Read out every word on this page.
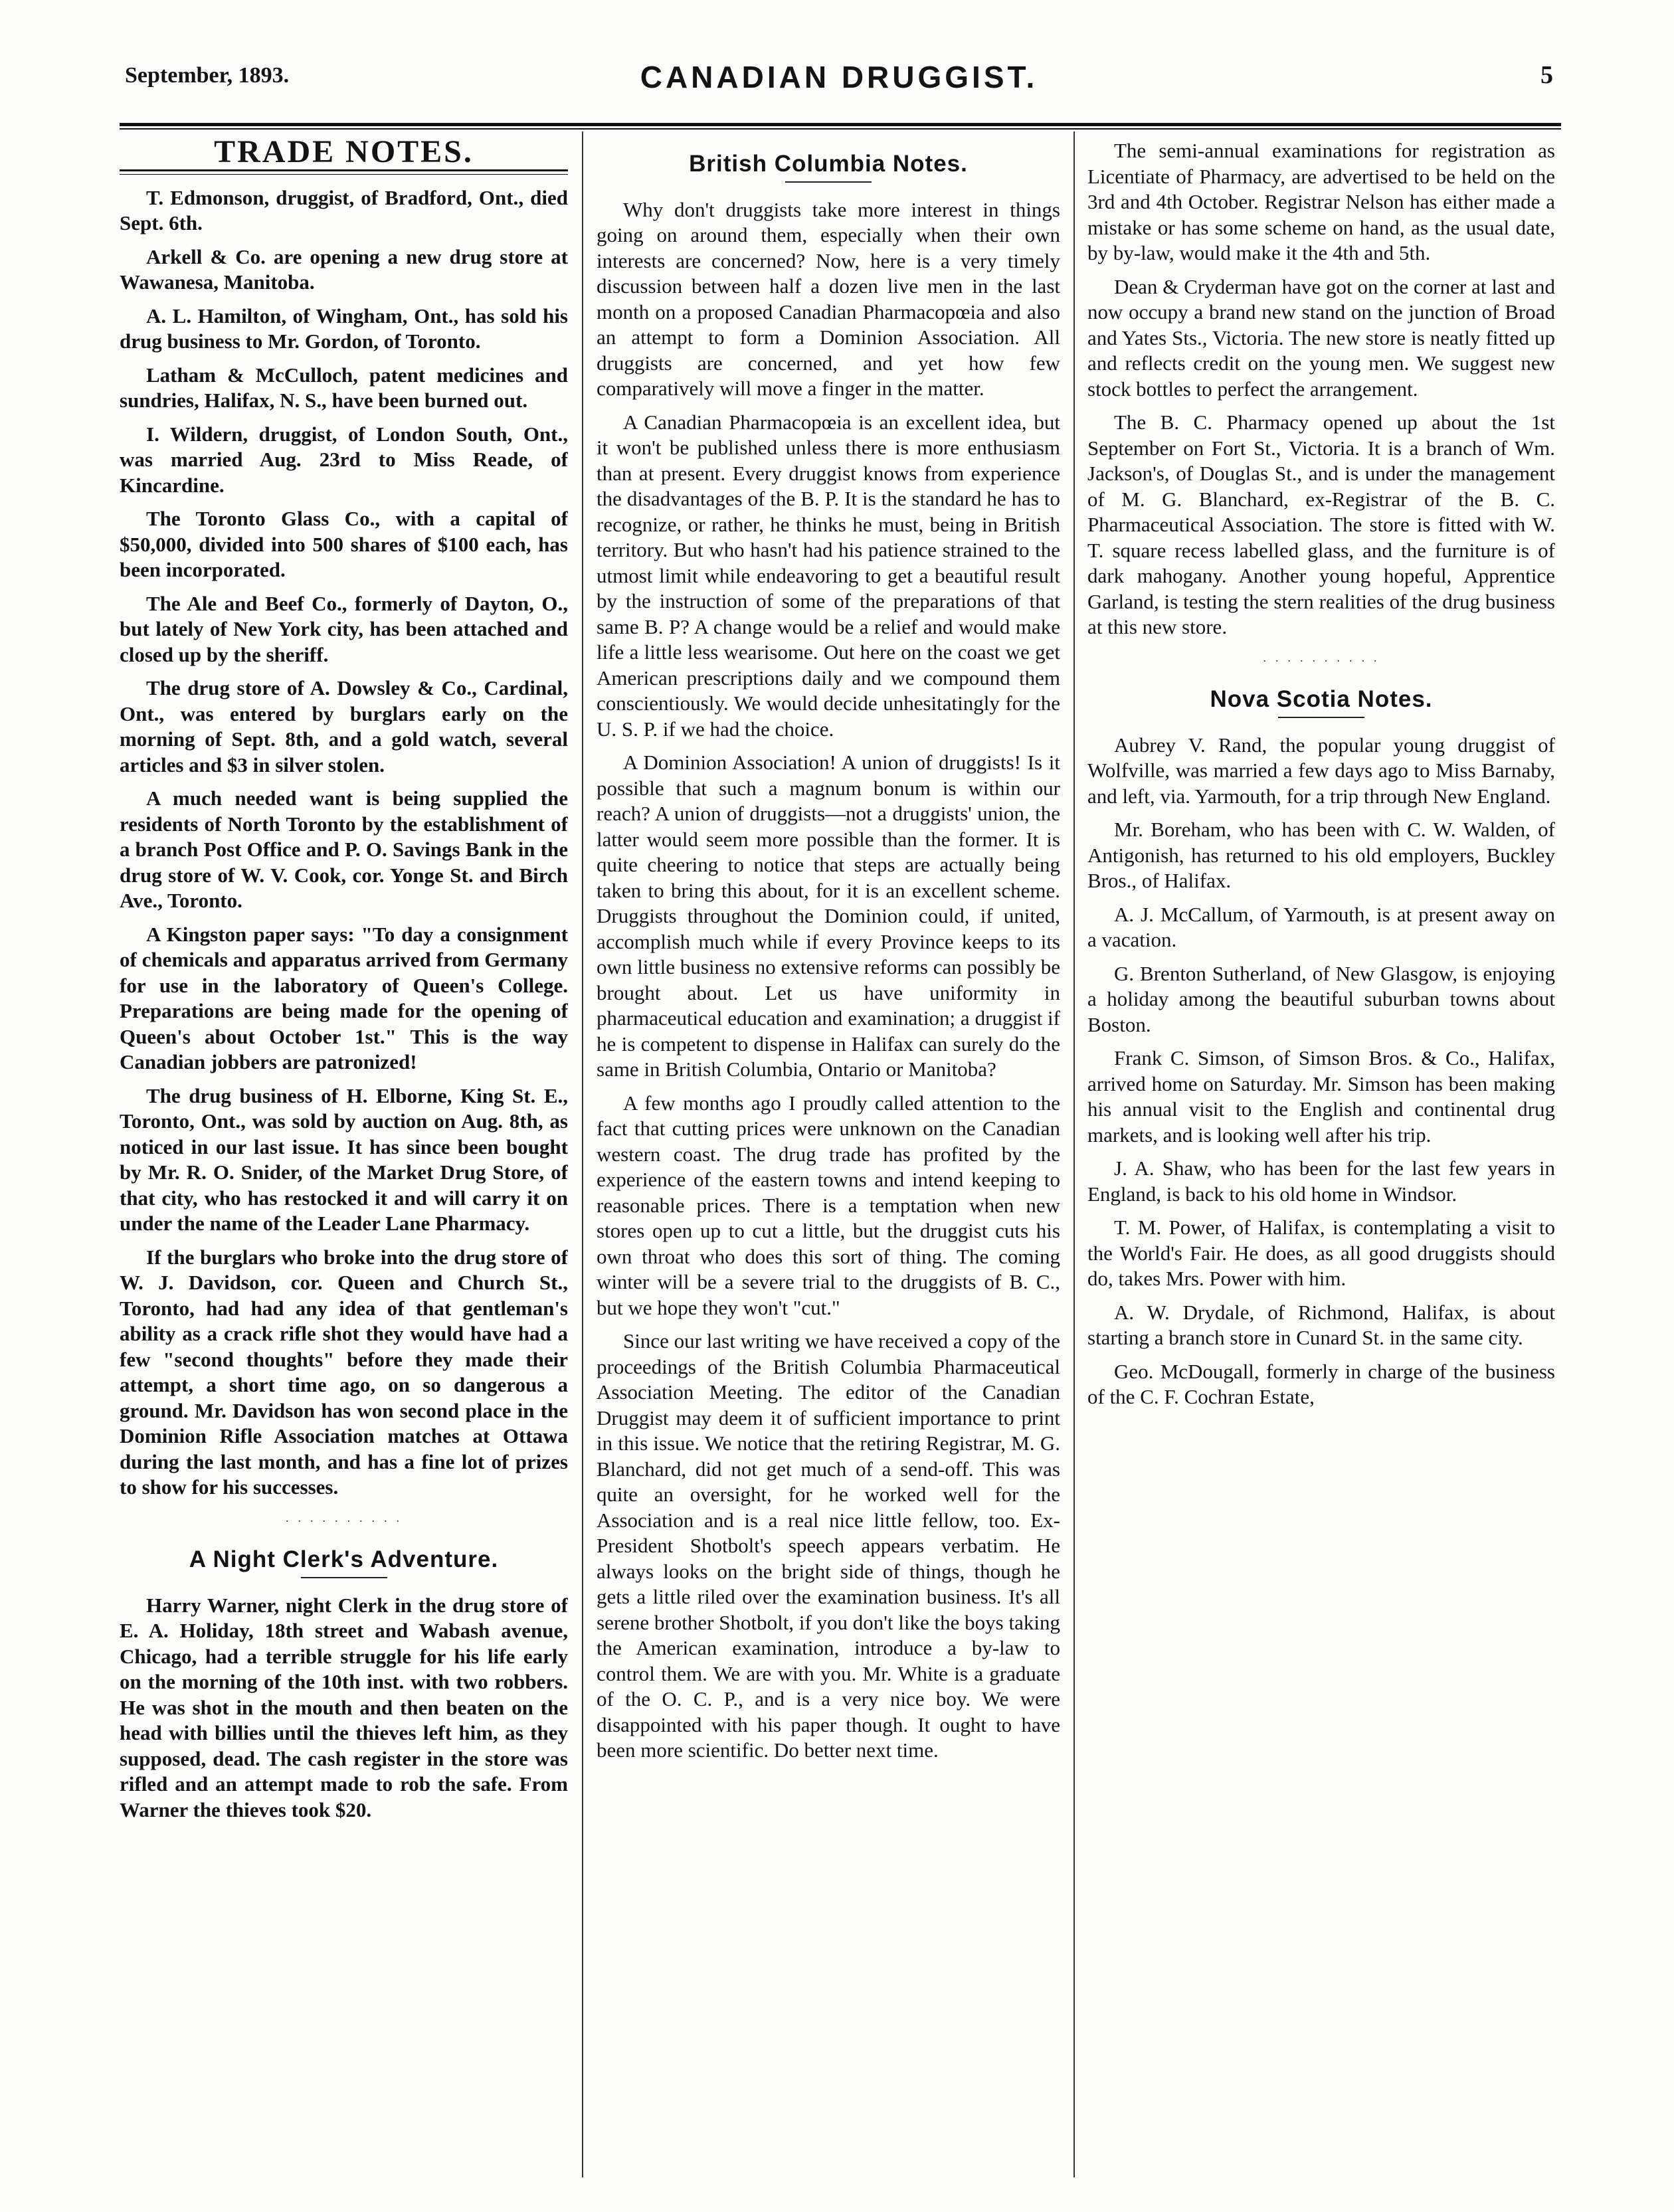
September, 1893.	CANADIAN DRUGGIST.	5
TRADE NOTES.

T. Edmonson, druggist, of Bradford, Ont., died Sept. 6th.

Arkell & Co. are opening a new drug store at Wawanesa, Manitoba.

A. L. Hamilton, of Wingham, Ont., has sold his drug business to Mr. Gordon, of Toronto.

Latham & McCulloch, patent medicines and sundries, Halifax, N. S., have been burned out.

I. Wildern, druggist, of London South, Ont., was married Aug. 23rd to Miss Reade, of Kincardine.

The Toronto Glass Co., with a capital of $50,000, divided into 500 shares of $100 each, has been incorporated.

The Ale and Beef Co., formerly of Dayton, O., but lately of New York city, has been attached and closed up by the sheriff.

The drug store of A. Dowsley & Co., Cardinal, Ont., was entered by burglars early on the morning of Sept. 8th, and a gold watch, several articles and $3 in silver stolen.

A much needed want is being supplied the residents of North Toronto by the establishment of a branch Post Office and P. O. Savings Bank in the drug store of W. V. Cook, cor. Yonge St. and Birch Ave., Toronto.

A Kingston paper says: "To day a consignment of chemicals and apparatus arrived from Germany for use in the laboratory of Queen's College. Preparations are being made for the opening of Queen's about October 1st." This is the way Canadian jobbers are patronized!

The drug business of H. Elborne, King St. E., Toronto, Ont., was sold by auction on Aug. 8th, as noticed in our last issue. It has since been bought by Mr. R. O. Snider, of the Market Drug Store, of that city, who has restocked it and will carry it on under the name of the Leader Lane Pharmacy.

If the burglars who broke into the drug store of W. J. Davidson, cor. Queen and Church St., Toronto, had had any idea of that gentleman's ability as a crack rifle shot they would have had a few "second thoughts" before they made their attempt, a short time ago, on so dangerous a ground. Mr. Davidson has won second place in the Dominion Rifle Association matches at Ottawa during the last month, and has a fine lot of prizes to show for his successes.

· · · · · · · · · ·
A Night Clerk's Adventure.

Harry Warner, night Clerk in the drug store of E. A. Holiday, 18th street and Wabash avenue, Chicago, had a terrible struggle for his life early on the morning of the 10th inst. with two robbers. He was shot in the mouth and then beaten on the head with billies until the thieves left him, as they supposed, dead. The cash register in the store was rifled and an attempt made to rob the safe. From Warner the thieves took $20.

British Columbia Notes.

Why don't druggists take more interest in things going on around them, especially when their own interests are concerned? Now, here is a very timely discussion between half a dozen live men in the last month on a proposed Canadian Pharmacopœia and also an attempt to form a Dominion Association. All druggists are concerned, and yet how few comparatively will move a finger in the matter.

A Canadian Pharmacopœia is an excellent idea, but it won't be published unless there is more enthusiasm than at present. Every druggist knows from experience the disadvantages of the B. P. It is the standard he has to recognize, or rather, he thinks he must, being in British territory. But who hasn't had his patience strained to the utmost limit while endeavoring to get a beautiful result by the instruction of some of the preparations of that same B. P? A change would be a relief and would make life a little less wearisome. Out here on the coast we get American prescriptions daily and we compound them conscientiously. We would decide unhesitatingly for the U. S. P. if we had the choice.

A Dominion Association! A union of druggists! Is it possible that such a magnum bonum is within our reach? A union of druggists—not a druggists' union, the latter would seem more possible than the former. It is quite cheering to notice that steps are actually being taken to bring this about, for it is an excellent scheme. Druggists throughout the Dominion could, if united, accomplish much while if every Province keeps to its own little business no extensive reforms can possibly be brought about. Let us have uniformity in pharmaceutical education and examination; a druggist if he is competent to dispense in Halifax can surely do the same in British Columbia, Ontario or Manitoba?

A few months ago I proudly called attention to the fact that cutting prices were unknown on the Canadian western coast. The drug trade has profited by the experience of the eastern towns and intend keeping to reasonable prices. There is a temptation when new stores open up to cut a little, but the druggist cuts his own throat who does this sort of thing. The coming winter will be a severe trial to the druggists of B. C., but we hope they won't "cut."

Since our last writing we have received a copy of the proceedings of the British Columbia Pharmaceutical Association Meeting. The editor of the Canadian Druggist may deem it of sufficient importance to print in this issue. We notice that the retiring Registrar, M. G. Blanchard, did not get much of a send-off. This was quite an oversight, for he worked well for the Association and is a real nice little fellow, too. Ex-President Shotbolt's speech appears verbatim. He always looks on the bright side of things, though he gets a little riled over the examination business. It's all serene brother Shotbolt, if you don't like the boys taking the American examination, introduce a by-law to control them. We are with you. Mr. White is a graduate of the O. C. P., and is a very nice boy. We were disappointed with his paper though. It ought to have been more scientific. Do better next time.

The semi-annual examinations for registration as Licentiate of Pharmacy, are advertised to be held on the 3rd and 4th October. Registrar Nelson has either made a mistake or has some scheme on hand, as the usual date, by by-law, would make it the 4th and 5th.

Dean & Cryderman have got on the corner at last and now occupy a brand new stand on the junction of Broad and Yates Sts., Victoria. The new store is neatly fitted up and reflects credit on the young men. We suggest new stock bottles to perfect the arrangement.

The B. C. Pharmacy opened up about the 1st September on Fort St., Victoria. It is a branch of Wm. Jackson's, of Douglas St., and is under the management of M. G. Blanchard, ex-Registrar of the B. C. Pharmaceutical Association. The store is fitted with W. T. square recess labelled glass, and the furniture is of dark mahogany. Another young hopeful, Apprentice Garland, is testing the stern realities of the drug business at this new store.

· · · · · · · · · ·
Nova Scotia Notes.

Aubrey V. Rand, the popular young druggist of Wolfville, was married a few days ago to Miss Barnaby, and left, via. Yarmouth, for a trip through New England.

Mr. Boreham, who has been with C. W. Walden, of Antigonish, has returned to his old employers, Buckley Bros., of Halifax.

A. J. McCallum, of Yarmouth, is at present away on a vacation.

G. Brenton Sutherland, of New Glasgow, is enjoying a holiday among the beautiful suburban towns about Boston.

Frank C. Simson, of Simson Bros. & Co., Halifax, arrived home on Saturday. Mr. Simson has been making his annual visit to the English and continental drug markets, and is looking well after his trip.

J. A. Shaw, who has been for the last few years in England, is back to his old home in Windsor.

T. M. Power, of Halifax, is contemplating a visit to the World's Fair. He does, as all good druggists should do, takes Mrs. Power with him.

A. W. Drydale, of Richmond, Halifax, is about starting a branch store in Cunard St. in the same city.

Geo. McDougall, formerly in charge of the business of the C. F. Cochran Estate,
